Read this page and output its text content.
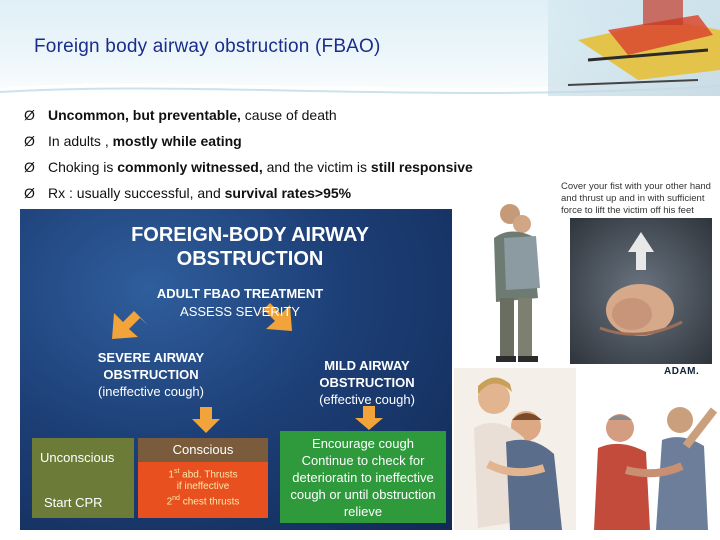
Foreign body airway obstruction (FBAO)
Ø Uncommon, but preventable, cause of death
Ø In adults , mostly while eating
Ø Choking is commonly witnessed, and the victim is still responsive
Ø Rx : usually successful, and survival rates>95%
FOREIGN-BODY AIRWAY
OBSTRUCTION
ADULT FBAO TREATMENT
ASSESS SEVERITY
SEVERE AIRWAY
OBSTRUCTION
(ineffective cough)
MILD AIRWAY
OBSTRUCTION
(effective cough)
Unconscious
Start CPR
Conscious
1st abd. Thrusts
if ineffective
2nd chest thrusts
Encourage cough
Continue to check for
deterioratin to ineffective
cough or until obstruction
relieve
Cover your fist with your other hand
and thrust up and in with sufficient
force to lift the victim off his feet
ADAM.
